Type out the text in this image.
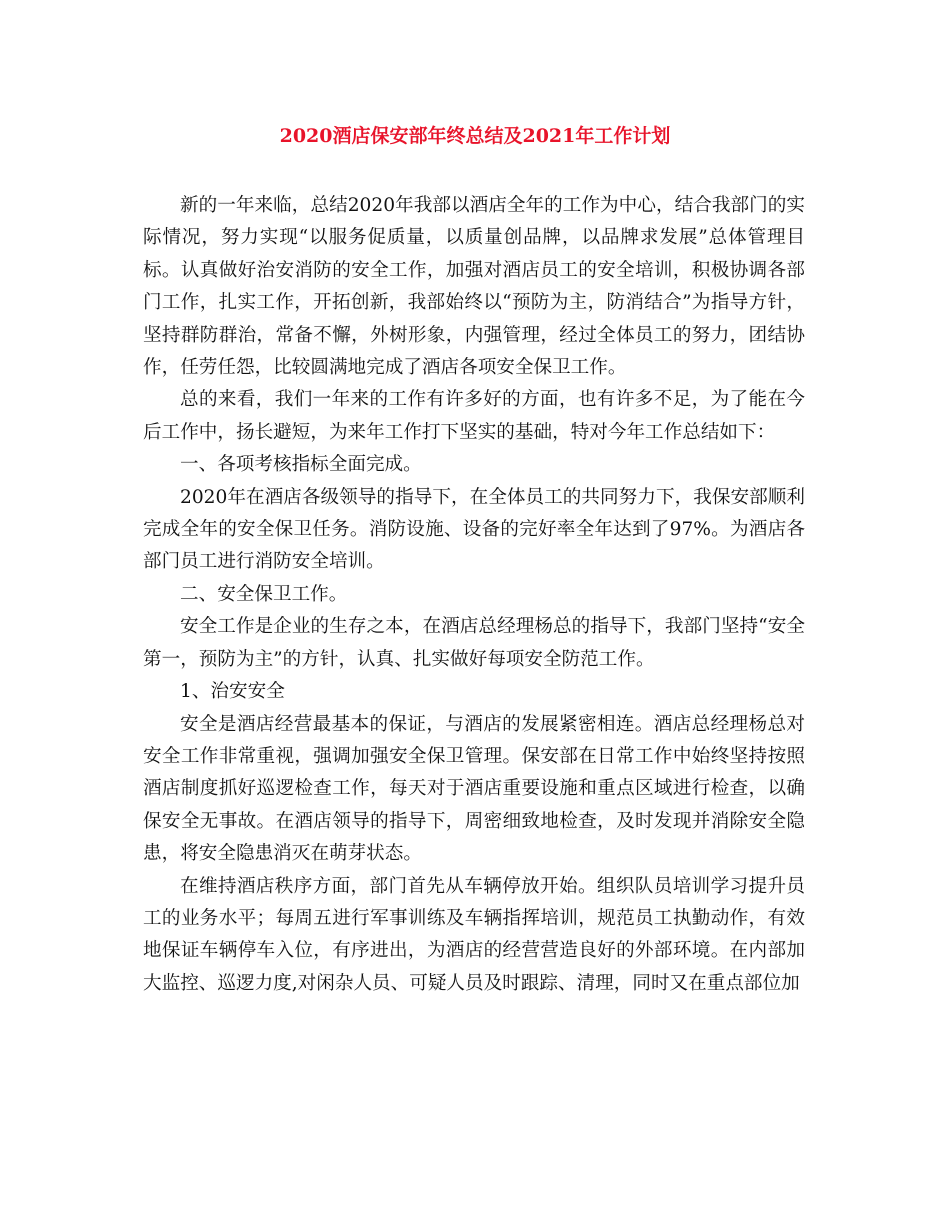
2020酒店保安部年终总结及2021年工作计划

新的一年来临，总结2020年我部以酒店全年的工作为中心，结合我部门的实际情况，努力实现“以服务促质量，以质量创品牌，以品牌求发展”总体管理目标。认真做好治安消防的安全工作，加强对酒店员工的安全培训，积极协调各部门工作，扎实工作，开拓创新，我部始终以“预防为主，防消结合”为指导方针，坚持群防群治，常备不懈，外树形象，内强管理，经过全体员工的努力，团结协作，任劳任怨，比较圆满地完成了酒店各项安全保卫工作。

总的来看，我们一年来的工作有许多好的方面，也有许多不足，为了能在今后工作中，扬长避短，为来年工作打下坚实的基础，特对今年工作总结如下：

一、各项考核指标全面完成。

2020年在酒店各级领导的指导下，在全体员工的共同努力下，我保安部顺利完成全年的安全保卫任务。消防设施、设备的完好率全年达到了97%。为酒店各部门员工进行消防安全培训。

二、安全保卫工作。

安全工作是企业的生存之本，在酒店总经理杨总的指导下，我部门坚持“安全第一，预防为主”的方针，认真、扎实做好每项安全防范工作。

1、治安安全

安全是酒店经营最基本的保证，与酒店的发展紧密相连。酒店总经理杨总对安全工作非常重视，强调加强安全保卫管理。保安部在日常工作中始终坚持按照酒店制度抓好巡逻检查工作，每天对于酒店重要设施和重点区域进行检查，以确保安全无事故。在酒店领导的指导下，周密细致地检查，及时发现并消除安全隐患，将安全隐患消灭在萌芽状态。

在维持酒店秩序方面，部门首先从车辆停放开始。组织队员培训学习提升员工的业务水平；每周五进行军事训练及车辆指挥培训，规范员工执勤动作，有效地保证车辆停车入位，有序进出，为酒店的经营营造良好的外部环境。在内部加大监控、巡逻力度,对闲杂人员、可疑人员及时跟踪、清理，同时又在重点部位加
